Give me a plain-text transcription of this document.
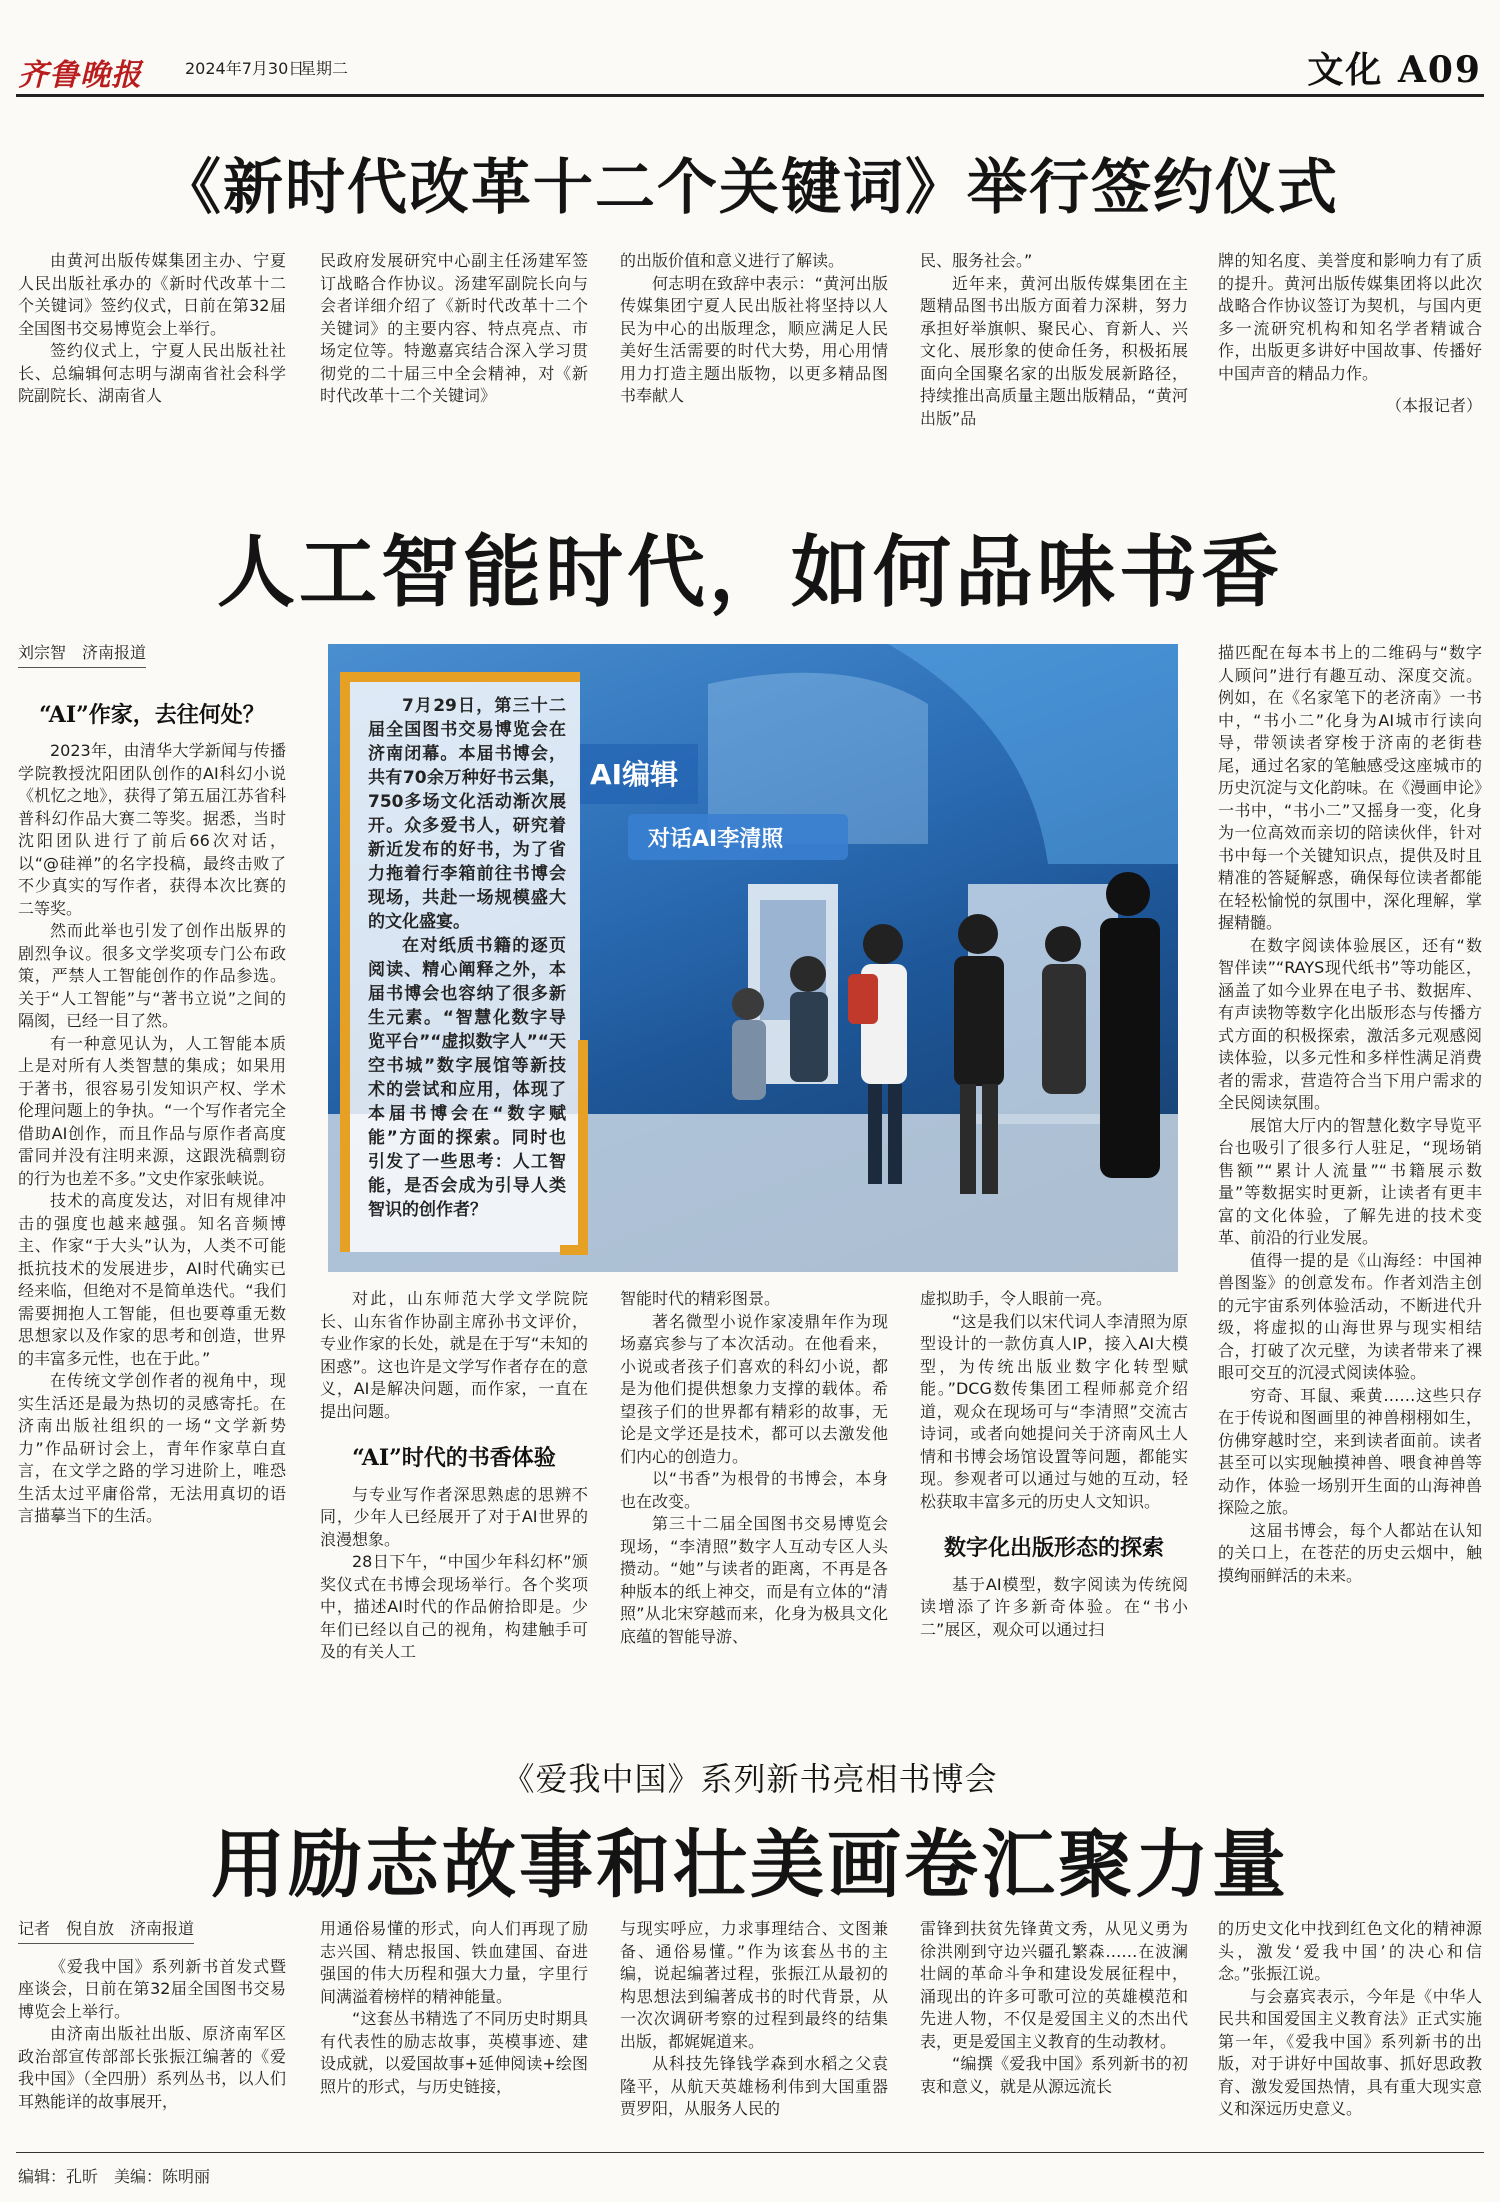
齐鲁晚报	2024年7月30日
星期二	文化 A09
《新时代改革十二个关键词》举行签约仪式

由黄河出版传媒集团主办、宁夏人民出版社承办的《新时代改革十二个关键词》签约仪式，日前在第32届全国图书交易博览会上举行。

签约仪式上，宁夏人民出版社社长、总编辑何志明与湖南省社会科学院副院长、湖南省人

民政府发展研究中心副主任汤建军签订战略合作协议。汤建军副院长向与会者详细介绍了《新时代改革十二个关键词》的主要内容、特点亮点、市场定位等。特邀嘉宾结合深入学习贯彻党的二十届三中全会精神，对《新时代改革十二个关键词》

的出版价值和意义进行了解读。

何志明在致辞中表示：“黄河出版传媒集团宁夏人民出版社将坚持以人民为中心的出版理念，顺应满足人民美好生活需要的时代大势，用心用情用力打造主题出版物，以更多精品图书奉献人

民、服务社会。”

近年来，黄河出版传媒集团在主题精品图书出版方面着力深耕，努力承担好举旗帜、聚民心、育新人、兴文化、展形象的使命任务，积极拓展面向全国聚名家的出版发展新路径，持续推出高质量主题出版精品，“黄河出版”品

牌的知名度、美誉度和影响力有了质的提升。黄河出版传媒集团将以此次战略合作协议签订为契机，与国内更多一流研究机构和知名学者精诚合作，出版更多讲好中国故事、传播好中国声音的精品力作。

（本报记者）

人工智能时代，如何品味书香
刘宗智　济南报道
“AI”作家，去往何处？

2023年，由清华大学新闻与传播学院教授沈阳团队创作的AI科幻小说《机忆之地》，获得了第五届江苏省科普科幻作品大赛二等奖。据悉，当时沈阳团队进行了前后66次对话，以“@硅禅”的名字投稿，最终击败了不少真实的写作者，获得本次比赛的二等奖。

然而此举也引发了创作出版界的剧烈争议。很多文学奖项专门公布政策，严禁人工智能创作的作品参选。关于“人工智能”与“著书立说”之间的隔阂，已经一目了然。

有一种意见认为，人工智能本质上是对所有人类智慧的集成；如果用于著书，很容易引发知识产权、学术伦理问题上的争执。“一个写作者完全借助AI创作，而且作品与原作者高度雷同并没有注明来源，这跟洗稿剽窃的行为也差不多。”文史作家张峡说。

技术的高度发达，对旧有规律冲击的强度也越来越强。知名音频博主、作家“于大头”认为，人类不可能抵抗技术的发展进步，AI时代确实已经来临，但绝对不是简单迭代。“我们需要拥抱人工智能，但也要尊重无数思想家以及作家的思考和创造，世界的丰富多元性，也在于此。”

在传统文学创作者的视角中，现实生活还是最为热切的灵感寄托。在济南出版社组织的一场“文学新势力”作品研讨会上，青年作家草白直言，在文学之路的学习进阶上，唯恐生活太过平庸俗常，无法用真切的语言描摹当下的生活。

对话AI李清照
AI编辑

7月29日，第三十二届全国图书交易博览会在济南闭幕。本届书博会，共有70余万种好书云集，750多场文化活动渐次展开。众多爱书人，研究着新近发布的好书，为了省力拖着行李箱前往书博会现场，共赴一场规模盛大的文化盛宴。

在对纸质书籍的逐页阅读、精心阐释之外，本届书博会也容纳了很多新生元素。“智慧化数字导览平台”“虚拟数字人”“天空书城”数字展馆等新技术的尝试和应用，体现了本届书博会在“数字赋能”方面的探索。同时也引发了一些思考：人工智能，是否会成为引导人类智识的创作者？

对此，山东师范大学文学院院长、山东省作协副主席孙书文评价，专业作家的长处，就是在于写“未知的困惑”。这也许是文学写作者存在的意义，AI是解决问题，而作家，一直在提出问题。

“AI”时代的书香体验

与专业写作者深思熟虑的思辨不同，少年人已经展开了对于AI世界的浪漫想象。

28日下午，“中国少年科幻杯”颁奖仪式在书博会现场举行。各个奖项中，描述AI时代的作品俯拾即是。少年们已经以自己的视角，构建触手可及的有关人工

智能时代的精彩图景。

著名微型小说作家凌鼎年作为现场嘉宾参与了本次活动。在他看来，小说或者孩子们喜欢的科幻小说，都是为他们提供想象力支撑的载体。希望孩子们的世界都有精彩的故事，无论是文学还是技术，都可以去激发他们内心的创造力。

以“书香”为根骨的书博会，本身也在改变。

第三十二届全国图书交易博览会现场，“李清照”数字人互动专区人头攒动。“她”与读者的距离，不再是各种版本的纸上神交，而是有立体的“清照”从北宋穿越而来，化身为极具文化底蕴的智能导游、

虚拟助手，令人眼前一亮。

“这是我们以宋代词人李清照为原型设计的一款仿真人IP，接入AI大模型，为传统出版业数字化转型赋能。”DCG数传集团工程师郝竞介绍道，观众在现场可与“李清照”交流古诗词，或者向她提问关于济南风土人情和书博会场馆设置等问题，都能实现。参观者可以通过与她的互动，轻松获取丰富多元的历史人文知识。

数字化出版形态的探索

基于AI模型，数字阅读为传统阅读增添了许多新奇体验。在“书小二”展区，观众可以通过扫

描匹配在每本书上的二维码与“数字人顾问”进行有趣互动、深度交流。例如，在《名家笔下的老济南》一书中，“书小二”化身为AI城市行读向导，带领读者穿梭于济南的老街巷尾，通过名家的笔触感受这座城市的历史沉淀与文化韵味。在《漫画申论》一书中，“书小二”又摇身一变，化身为一位高效而亲切的陪读伙伴，针对书中每一个关键知识点，提供及时且精准的答疑解惑，确保每位读者都能在轻松愉悦的氛围中，深化理解，掌握精髓。

在数字阅读体验展区，还有“数智伴读”“RAYS现代纸书”等功能区，涵盖了如今业界在电子书、数据库、有声读物等数字化出版形态与传播方式方面的积极探索，激活多元观感阅读体验，以多元性和多样性满足消费者的需求，营造符合当下用户需求的全民阅读氛围。

展馆大厅内的智慧化数字导览平台也吸引了很多行人驻足，“现场销售额”“累计人流量”“书籍展示数量”等数据实时更新，让读者有更丰富的文化体验，了解先进的技术变革、前沿的行业发展。

值得一提的是《山海经：中国神兽图鉴》的创意发布。作者刘浩主创的元宇宙系列体验活动，不断进代升级，将虚拟的山海世界与现实相结合，打破了次元壁，为读者带来了裸眼可交互的沉浸式阅读体验。

穷奇、耳鼠、乘黄……这些只存在于传说和图画里的神兽栩栩如生，仿佛穿越时空，来到读者面前。读者甚至可以实现触摸神兽、喂食神兽等动作，体验一场别开生面的山海神兽探险之旅。

这届书博会，每个人都站在认知的关口上，在苍茫的历史云烟中，触摸绚丽鲜活的未来。

《爱我中国》系列新书亮相书博会
用励志故事和壮美画卷汇聚力量
记者　倪自放　济南报道

《爱我中国》系列新书首发式暨座谈会，日前在第32届全国图书交易博览会上举行。

由济南出版社出版、原济南军区政治部宣传部部长张振江编著的《爱我中国》（全四册）系列丛书，以人们耳熟能详的故事展开，

用通俗易懂的形式，向人们再现了励志兴国、精忠报国、铁血建国、奋进强国的伟大历程和强大力量，字里行间满溢着榜样的精神能量。

“这套丛书精选了不同历史时期具有代表性的励志故事，英模事迹、建设成就，以爱国故事+延伸阅读+绘图照片的形式，与历史链接，

与现实呼应，力求事理结合、文图兼备、通俗易懂。”作为该套丛书的主编，说起编著过程，张振江从最初的构思想法到编著成书的时代背景，从一次次调研考察的过程到最终的结集出版，都娓娓道来。

从科技先锋钱学森到水稻之父袁隆平，从航天英雄杨利伟到大国重器贾罗阳，从服务人民的

雷锋到扶贫先锋黄文秀，从见义勇为徐洪刚到守边兴疆孔繁森……在波澜壮阔的革命斗争和建设发展征程中，涌现出的许多可歌可泣的英雄模范和先进人物，不仅是爱国主义的杰出代表，更是爱国主义教育的生动教材。

“编撰《爱我中国》系列新书的初衷和意义，就是从源远流长

的历史文化中找到红色文化的精神源头，激发‘爱我中国’的决心和信念。”张振江说。

与会嘉宾表示，今年是《中华人民共和国爱国主义教育法》正式实施第一年，《爱我中国》系列新书的出版，对于讲好中国故事、抓好思政教育、激发爱国热情，具有重大现实意义和深远历史意义。

编辑：孔昕　美编：陈明丽
